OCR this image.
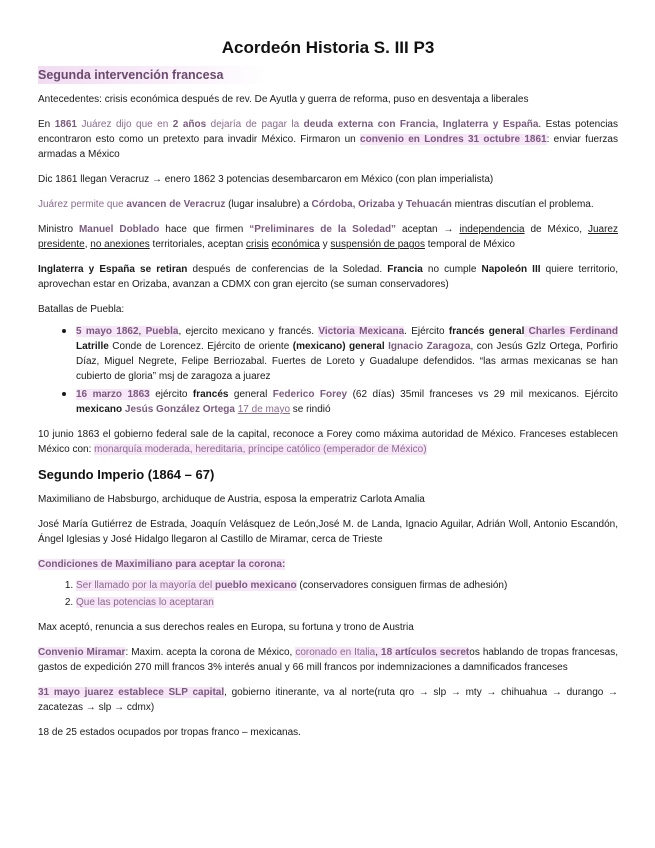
Acordeón Historia S. III P3
Segunda intervención francesa

Antecedentes: crisis económica después de rev. De Ayutla y guerra de reforma, puso en desventaja a liberales

En 1861 Juárez dijo que en 2 años dejaría de pagar la deuda externa con Francia, Inglaterra y España. Estas potencias encontraron esto como un pretexto para invadir México. Firmaron un convenio en Londres 31 octubre 1861: enviar fuerzas armadas a México

Dic 1861 llegan Veracruz → enero 1862 3 potencias desembarcaron em México (con plan imperialista)

Juárez permite que avancen de Veracruz (lugar insalubre) a Córdoba, Orizaba y Tehuacán mientras discutían el problema.

Ministro Manuel Doblado hace que firmen “Preliminares de la Soledad” aceptan → independencia de México, Juarez presidente, no anexiones territoriales, aceptan crisis económica y suspensión de pagos temporal de México

Inglaterra y España se retiran después de conferencias de la Soledad. Francia no cumple Napoleón III quiere territorio, aprovechan estar en Orizaba, avanzan a CDMX con gran ejercito (se suman conservadores)

Batallas de Puebla:

• 5 mayo 1862, Puebla, ejercito mexicano y francés. Victoria Mexicana. Ejército francés general Charles Ferdinand Latrille Conde de Lorencez. Ejército de oriente (mexicano) general Ignacio Zaragoza, con Jesús Gzlz Ortega, Porfirio Díaz, Miguel Negrete, Felipe Berriozabal. Fuertes de Loreto y Guadalupe defendidos. “las armas mexicanas se han cubierto de gloria” msj de zaragoza a juarez
• 16 marzo 1863 ejército francés general Federico Forey (62 días) 35mil franceses vs 29 mil mexicanos. Ejército mexicano Jesús González Ortega 17 de mayo se rindió

10 junio 1863 el gobierno federal sale de la capital, reconoce a Forey como máxima autoridad de México. Franceses establecen México con: monarquía moderada, hereditaria, príncipe católico (emperador de México)

Segundo Imperio (1864 – 67)

Maximiliano de Habsburgo, archiduque de Austria, esposa la emperatriz Carlota Amalia

José María Gutiérrez de Estrada, Joaquín Velásquez de León,José M. de Landa, Ignacio Aguilar, Adrián Woll, Antonio Escandón, Ángel Iglesias y José Hidalgo llegaron al Castillo de Miramar, cerca de Trieste

Condiciones de Maximiliano para aceptar la corona:

1. Ser llamado por la mayoría del pueblo mexicano (conservadores consiguen firmas de adhesión)
2. Que las potencias lo aceptaran

Max aceptó, renuncia a sus derechos reales en Europa, su fortuna y trono de Austria

Convenio Miramar: Maxim. acepta la corona de México, coronado en Italia, 18 artículos secretos hablando de tropas francesas, gastos de expedición 270 mill francos 3% interés anual y 66 mill francos por indemnizaciones a damnificados franceses

31 mayo juarez establece SLP capital, gobierno itinerante, va al norte(ruta qro → slp → mty → chihuahua → durango → zacatezas → slp → cdmx)

18 de 25 estados ocupados por tropas franco – mexicanas.
